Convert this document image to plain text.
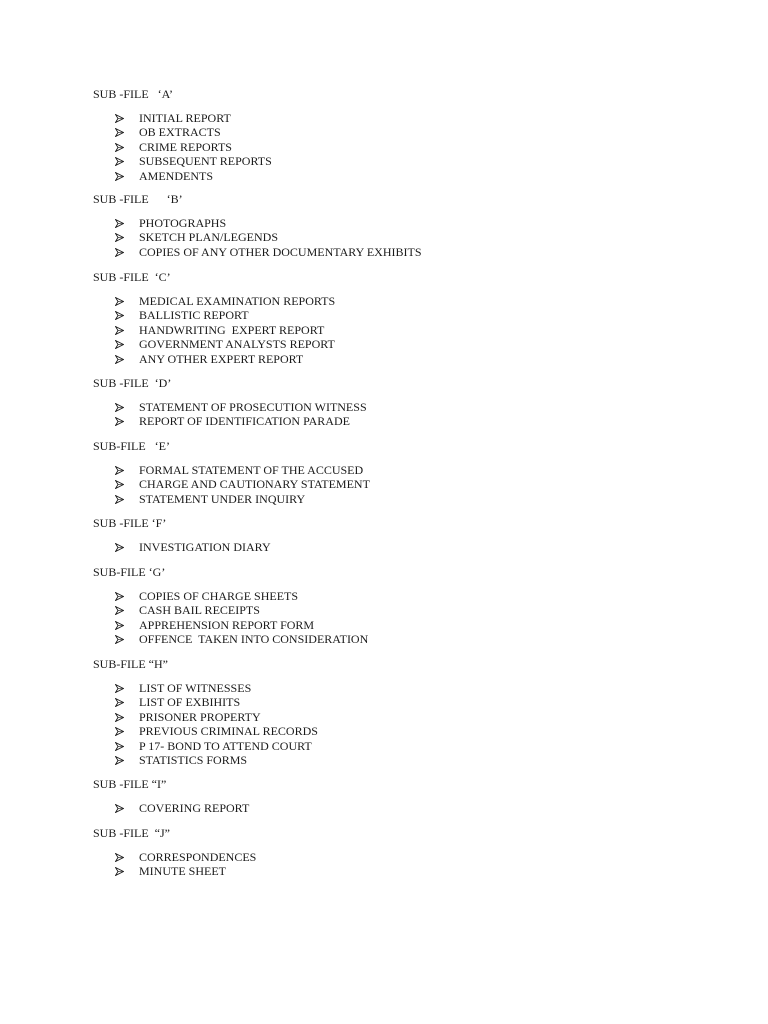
SUB -FILE   ‘A’
INITIAL REPORT
OB EXTRACTS
CRIME REPORTS
SUBSEQUENT REPORTS
AMENDENTS
SUB -FILE      ‘B’
PHOTOGRAPHS
SKETCH PLAN/LEGENDS
COPIES OF ANY OTHER DOCUMENTARY EXHIBITS
SUB -FILE  ‘C’
MEDICAL EXAMINATION REPORTS
BALLISTIC REPORT
HANDWRITING  EXPERT REPORT
GOVERNMENT ANALYSTS REPORT
ANY OTHER EXPERT REPORT
SUB -FILE  ‘D’
STATEMENT OF PROSECUTION WITNESS
REPORT OF IDENTIFICATION PARADE
SUB-FILE   ‘E’
FORMAL STATEMENT OF THE ACCUSED
CHARGE AND CAUTIONARY STATEMENT
STATEMENT UNDER INQUIRY
SUB -FILE ‘F’
INVESTIGATION DIARY
SUB-FILE ‘G’
COPIES OF CHARGE SHEETS
CASH BAIL RECEIPTS
APPREHENSION REPORT FORM
OFFENCE  TAKEN INTO CONSIDERATION
SUB-FILE “H”
LIST OF WITNESSES
LIST OF EXBIHITS
PRISONER PROPERTY
PREVIOUS CRIMINAL RECORDS
P 17- BOND TO ATTEND COURT
STATISTICS FORMS
SUB -FILE “I”
COVERING REPORT
SUB -FILE  “J”
CORRESPONDENCES
MINUTE SHEET
